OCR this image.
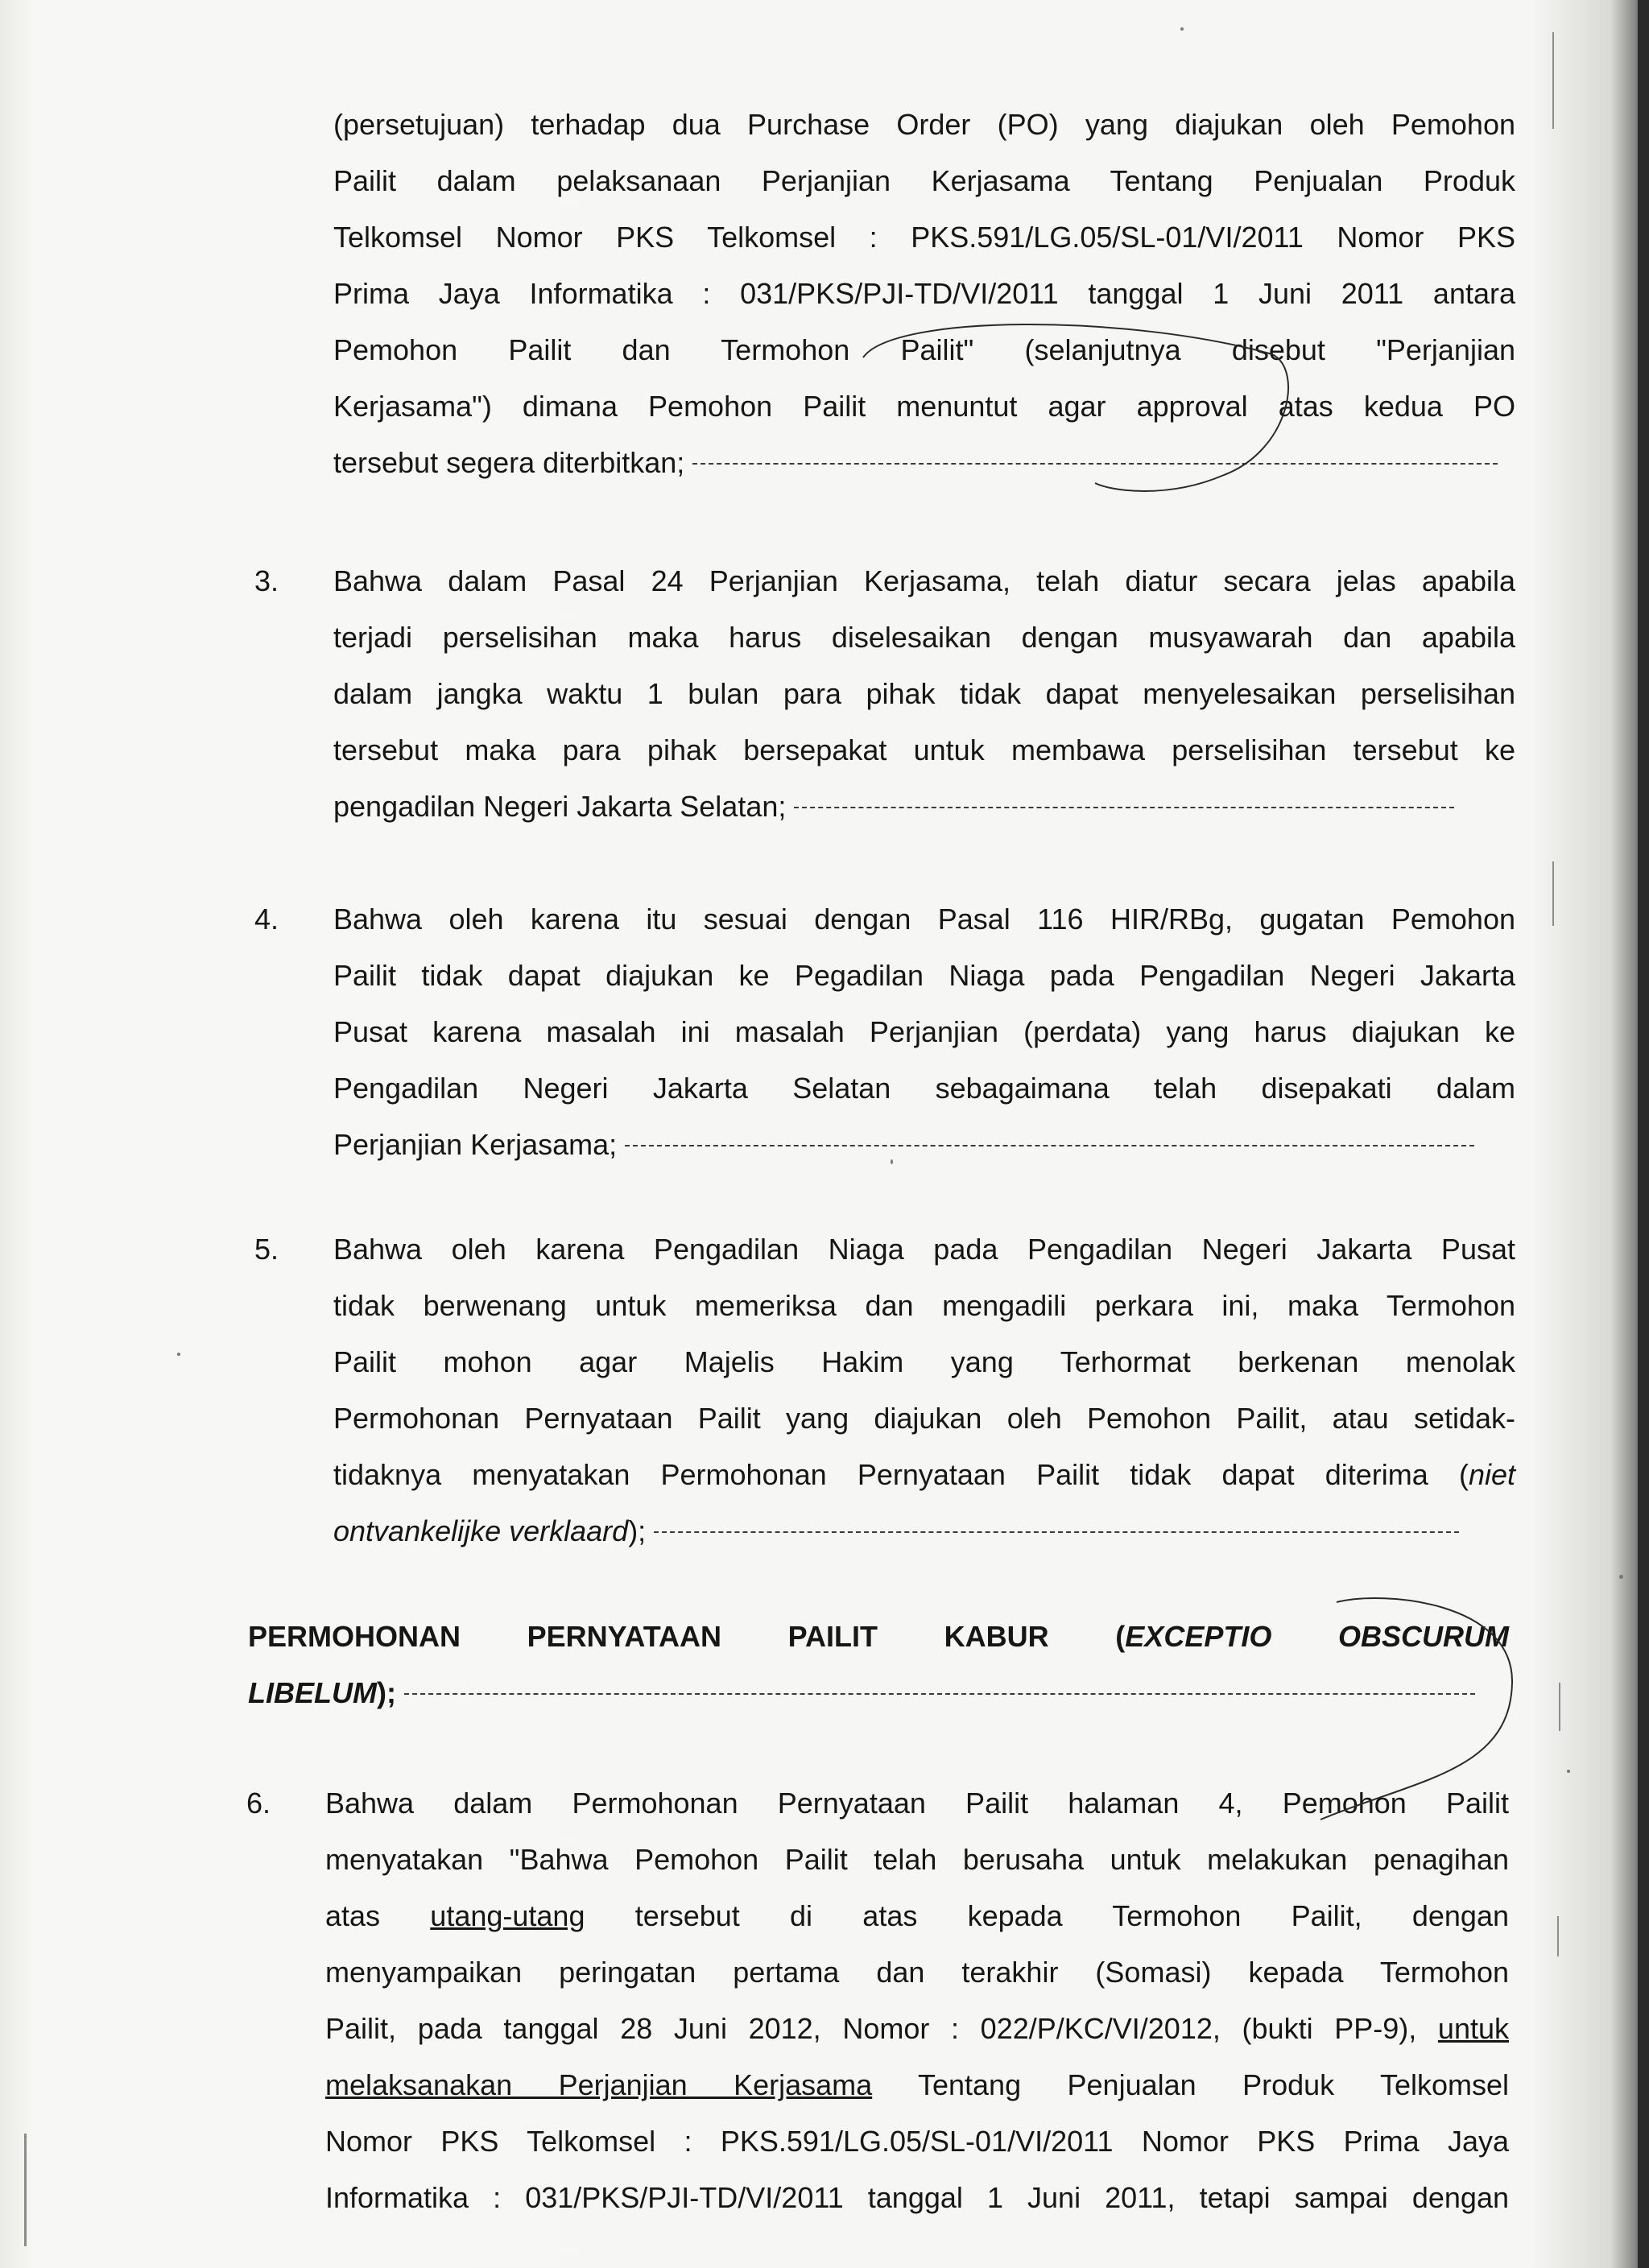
(persetujuan) terhadap dua Purchase Order (PO) yang diajukan oleh Pemohon
Pailit dalam pelaksanaan Perjanjian Kerjasama Tentang Penjualan Produk
Telkomsel Nomor PKS Telkomsel : PKS.591/LG.05/SL-01/VI/2011 Nomor PKS
Prima Jaya Informatika : 031/PKS/PJI-TD/VI/2011 tanggal 1 Juni 2011 antara
Pemohon Pailit dan Termohon Pailit" (selanjutnya disebut "Perjanjian
Kerjasama") dimana Pemohon Pailit menuntut agar approval atas kedua PO
tersebut segera diterbitkan;
3. Bahwa dalam Pasal 24 Perjanjian Kerjasama, telah diatur secara jelas apabila
terjadi perselisihan maka harus diselesaikan dengan musyawarah dan apabila
dalam jangka waktu 1 bulan para pihak tidak dapat menyelesaikan perselisihan
tersebut maka para pihak bersepakat untuk membawa perselisihan tersebut ke
pengadilan Negeri Jakarta Selatan;
4. Bahwa oleh karena itu sesuai dengan Pasal 116 HIR/RBg, gugatan Pemohon
Pailit tidak dapat diajukan ke Pegadilan Niaga pada Pengadilan Negeri Jakarta
Pusat karena masalah ini masalah Perjanjian (perdata) yang harus diajukan ke
Pengadilan Negeri Jakarta Selatan sebagaimana telah disepakati dalam
Perjanjian Kerjasama;
5. Bahwa oleh karena Pengadilan Niaga pada Pengadilan Negeri Jakarta Pusat
tidak berwenang untuk memeriksa dan mengadili perkara ini, maka Termohon
Pailit mohon agar Majelis Hakim yang Terhormat berkenan menolak
Permohonan Pernyataan Pailit yang diajukan oleh Pemohon Pailit, atau setidak-
tidaknya menyatakan Permohonan Pernyataan Pailit tidak dapat diterima (niet
ontvankelijke verklaard);
PERMOHONAN PERNYATAAN PAILIT KABUR (EXCEPTIO OBSCURUM
LIBELUM);
6. Bahwa dalam Permohonan Pernyataan Pailit halaman 4, Pemohon Pailit
menyatakan "Bahwa Pemohon Pailit telah berusaha untuk melakukan penagihan
atas utang-utang tersebut di atas kepada Termohon Pailit, dengan
menyampaikan peringatan pertama dan terakhir (Somasi) kepada Termohon
Pailit, pada tanggal 28 Juni 2012, Nomor : 022/P/KC/VI/2012, (bukti PP-9), untuk
melaksanakan Perjanjian Kerjasama Tentang Penjualan Produk Telkomsel
Nomor PKS Telkomsel : PKS.591/LG.05/SL-01/VI/2011 Nomor PKS Prima Jaya
Informatika : 031/PKS/PJI-TD/VI/2011 tanggal 1 Juni 2011, tetapi sampai dengan
